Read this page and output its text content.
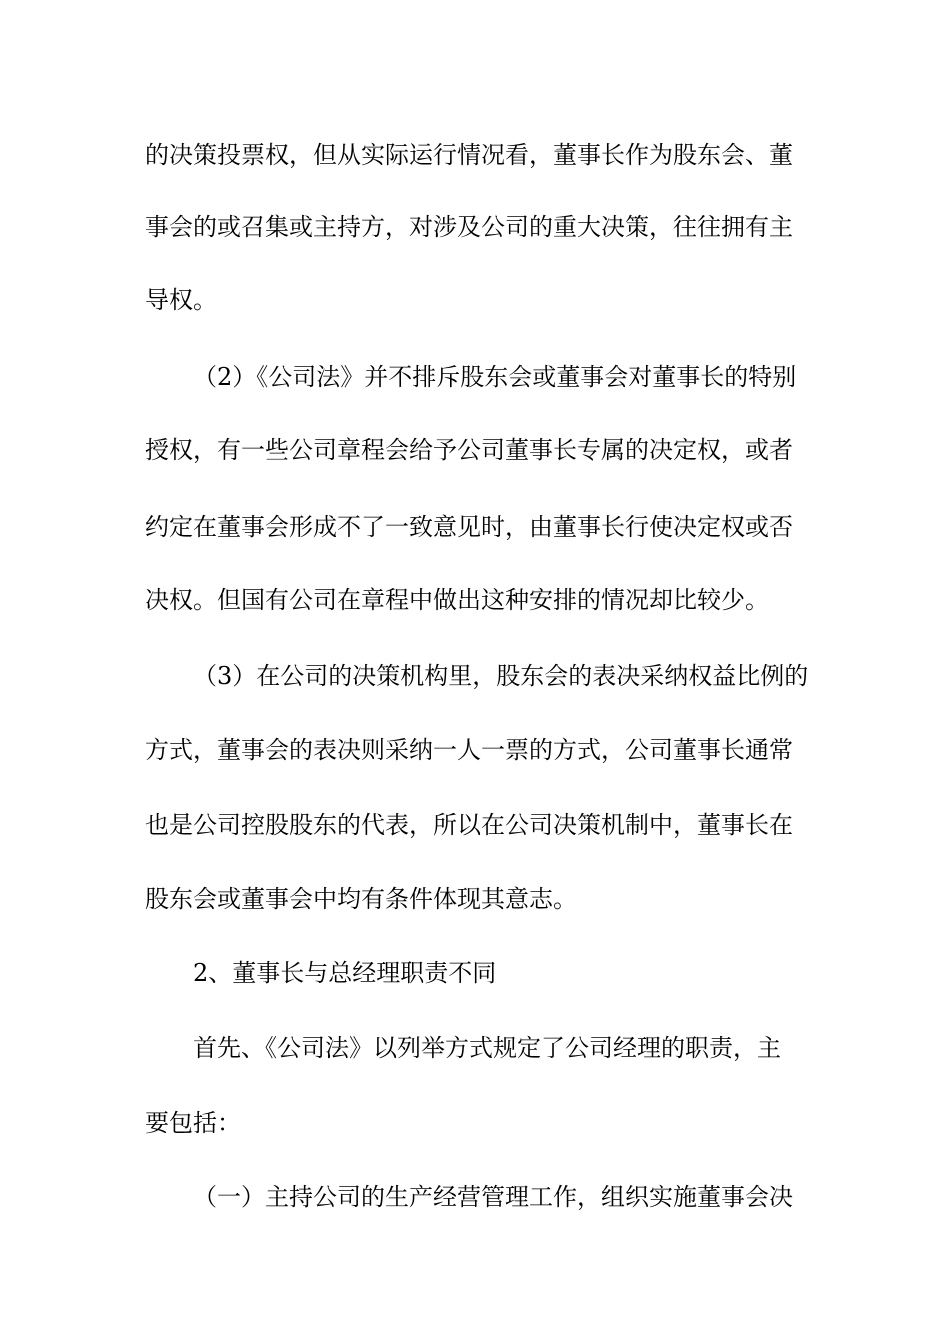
的决策投票权，但从实际运行情况看，董事长作为股东会、董
事会的或召集或主持方，对涉及公司的重大决策，往往拥有主
导权。
（2）《公司法》并不排斥股东会或董事会对董事长的特别
授权，有一些公司章程会给予公司董事长专属的决定权，或者
约定在董事会形成不了一致意见时，由董事长行使决定权或否
决权。但国有公司在章程中做出这种安排的情况却比较少。
（3）在公司的决策机构里，股东会的表决采纳权益比例的
方式，董事会的表决则采纳一人一票的方式，公司董事长通常
也是公司控股股东的代表，所以在公司决策机制中，董事长在
股东会或董事会中均有条件体现其意志。
2、董事长与总经理职责不同
首先、《公司法》以列举方式规定了公司经理的职责，主
要包括：
（一）主持公司的生产经营管理工作，组织实施董事会决
